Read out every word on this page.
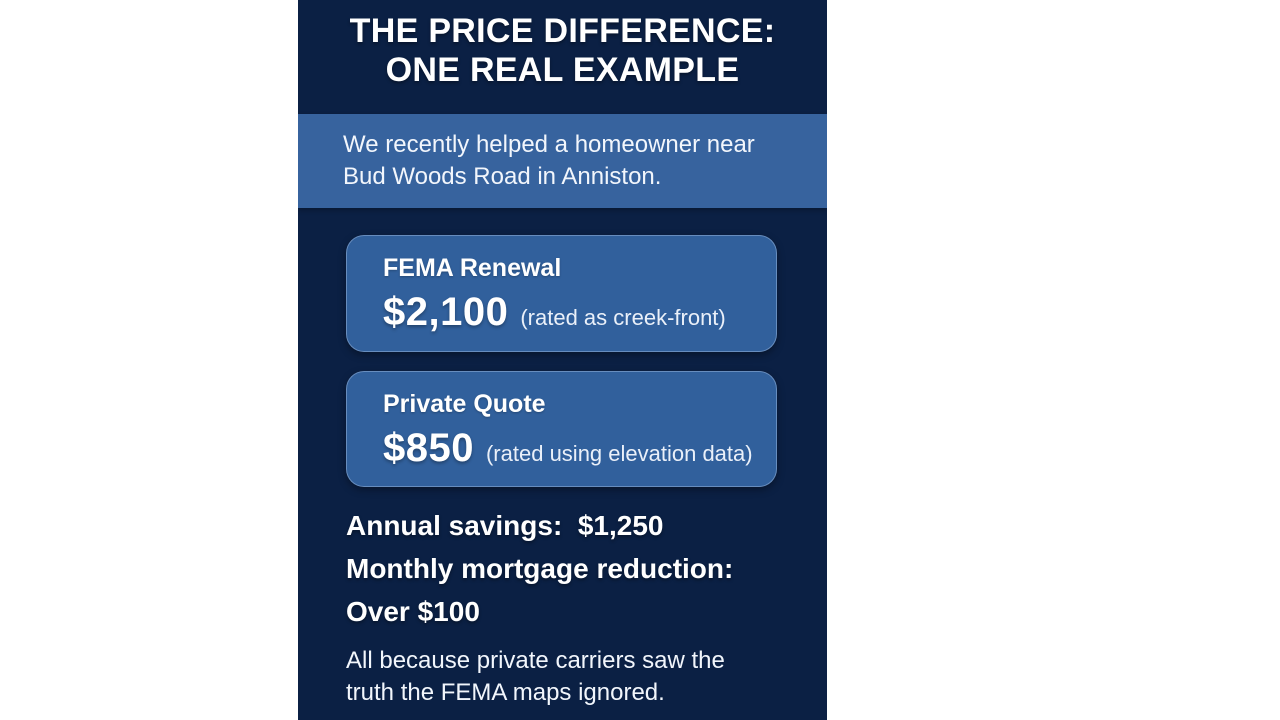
THE PRICE DIFFERENCE:
ONE REAL EXAMPLE
We recently helped a homeowner near
Bud Woods Road in Anniston.
FEMA Renewal
$2,100 (rated as creek-front)
Private Quote
$850 (rated using elevation data)
Annual savings:  $1,250
Monthly mortgage reduction:
Over $100
All because private carriers saw the
truth the FEMA maps ignored.
